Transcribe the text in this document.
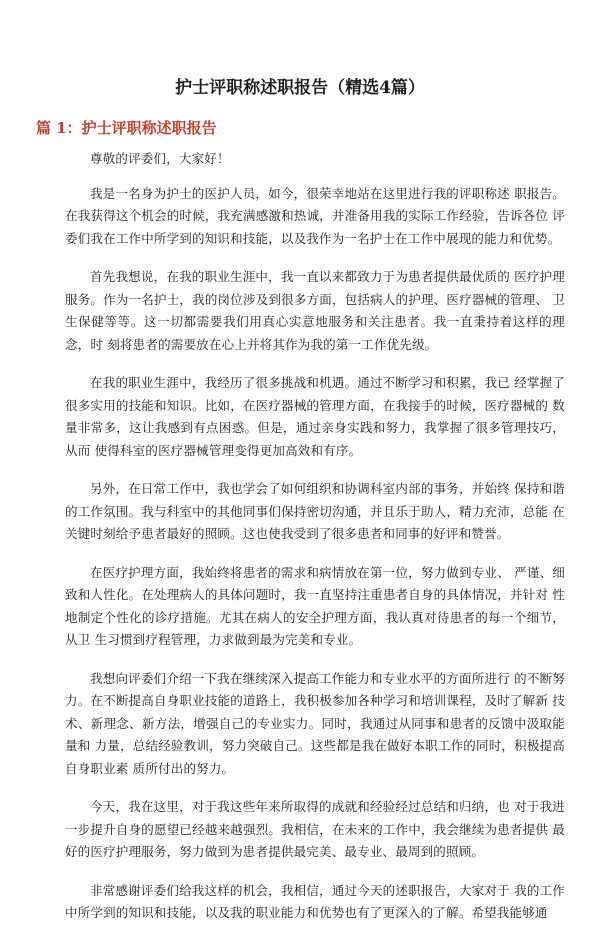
护士评职称述职报告（精选4篇）
篇 1：护士评职称述职报告

尊敬的评委们，大家好！

我是一名身为护士的医护人员，如今，很荣幸地站在这里进行我的评职称述 职报告。在我获得这个机会的时候，我充满感激和热诚，并准备用我的实际工作经验，告诉各位 评委们我在工作中所学到的知识和技能，以及我作为一名护士在工作中展现的能力和优势。

首先我想说，在我的职业生涯中，我一直以来都致力于为患者提供最优质的 医疗护理服务。作为一名护士，我的岗位涉及到很多方面，包括病人的护理、医疗器械的管理、 卫生保健等等。这一切都需要我们用真心实意地服务和关注患者。我一直秉持着这样的理念，时 刻将患者的需要放在心上并将其作为我的第一工作优先级。

在我的职业生涯中，我经历了很多挑战和机遇。通过不断学习和积累，我已 经掌握了很多实用的技能和知识。比如，在医疗器械的管理方面，在我接手的时候，医疗器械的 数量非常多，这让我感到有点困惑。但是，通过亲身实践和努力，我掌握了很多管理技巧，从而 使得科室的医疗器械管理变得更加高效和有序。

另外，在日常工作中，我也学会了如何组织和协调科室内部的事务，并始终 保持和谐的工作氛围。我与科室中的其他同事们保持密切沟通，并且乐于助人，精力充沛，总能 在关键时刻给予患者最好的照顾。这也使我受到了很多患者和同事的好评和赞誉。

在医疗护理方面，我始终将患者的需求和病情放在第一位，努力做到专业、 严谨、细致和人性化。在处理病人的具体问题时，我一直坚持注重患者自身的具体情况，并针对 性地制定个性化的诊疗措施。尤其在病人的安全护理方面，我认真对待患者的每一个细节，从卫 生习惯到疗程管理，力求做到最为完美和专业。

我想向评委们介绍一下我在继续深入提高工作能力和专业水平的方面所进行 的不断努力。在不断提高自身职业技能的道路上，我积极参加各种学习和培训课程，及时了解新 技术、新理念、新方法，增强自己的专业实力。同时，我通过从同事和患者的反馈中汲取能量和 力量，总结经验教训，努力突破自己。这些都是我在做好本职工作的同时，积极提高自身职业素 质所付出的努力。

今天，我在这里，对于我这些年来所取得的成就和经验经过总结和归纳，也 对于我进一步提升自身的愿望已经越来越强烈。我相信，在未来的工作中，我会继续为患者提供 最好的医疗护理服务，努力做到为患者提供最完美、最专业、最周到的照顾。

非常感谢评委们给我这样的机会，我相信，通过今天的述职报告，大家对于 我的工作中所学到的知识和技能，以及我的职业能力和优势也有了更深入的了解。希望我能够通
